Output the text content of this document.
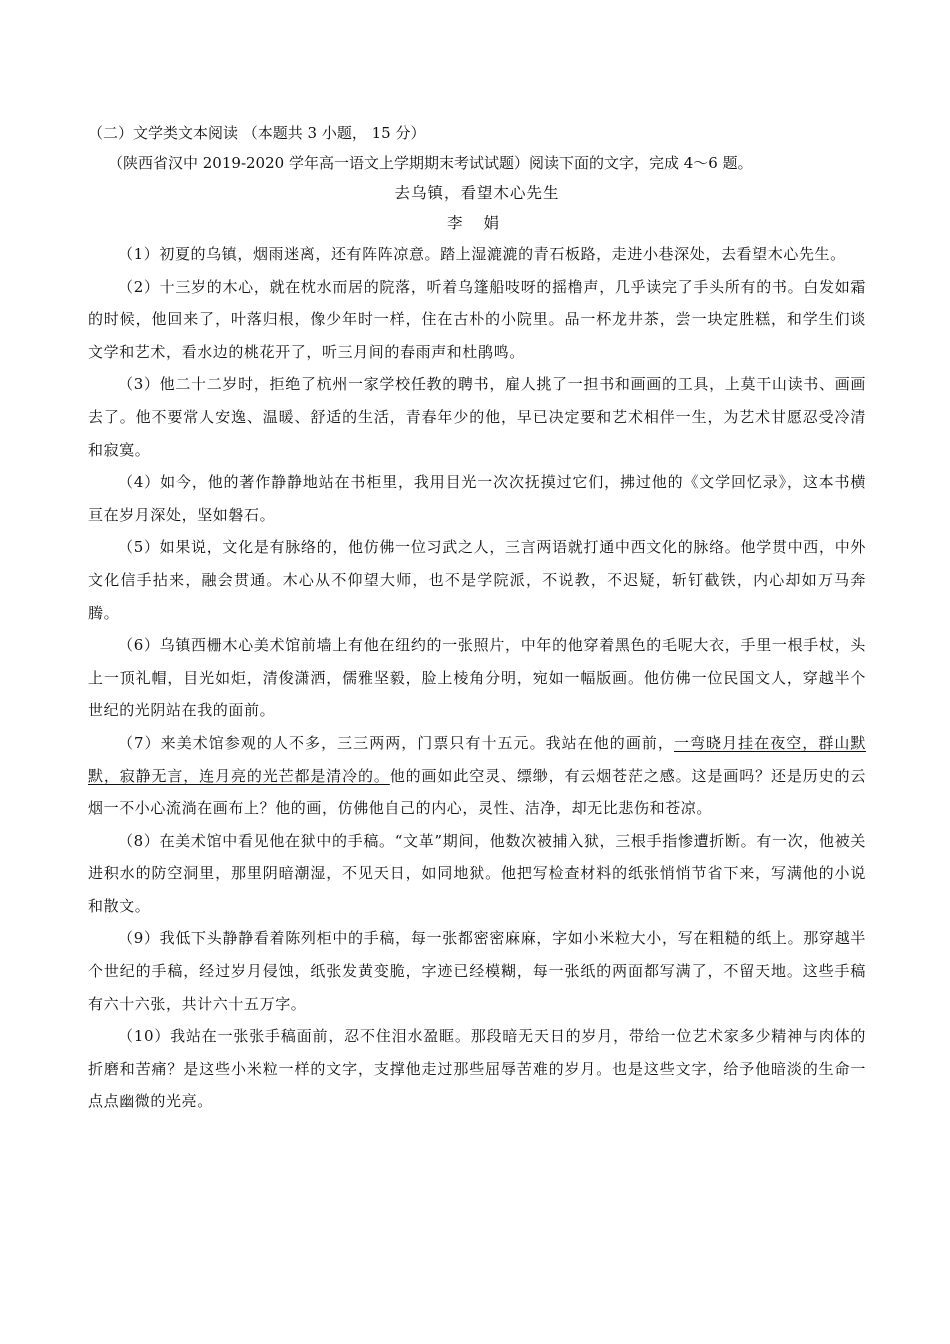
（二）文学类文本阅读 （本题共 3 小题， 15 分）

（陕西省汉中 2019-2020 学年高一语文上学期期末考试试题）阅读下面的文字，完成 4～6 题。

去乌镇，看望木心先生

李 娟

（1）初夏的乌镇，烟雨迷离，还有阵阵凉意。踏上湿漉漉的青石板路，走进小巷深处，去看望木心先生。

（2）十三岁的木心，就在枕水而居的院落，听着乌篷船吱呀的摇橹声，几乎读完了手头所有的书。白发如霜的时候，他回来了，叶落归根，像少年时一样，住在古朴的小院里。品一杯龙井茶，尝一块定胜糕，和学生们谈文学和艺术，看水边的桃花开了，听三月间的春雨声和杜鹃鸣。

（3）他二十二岁时，拒绝了杭州一家学校任教的聘书，雇人挑了一担书和画画的工具，上莫干山读书、画画去了。他不要常人安逸、温暖、舒适的生活，青春年少的他，早已决定要和艺术相伴一生，为艺术甘愿忍受冷清和寂寞。

（4）如今，他的著作静静地站在书柜里，我用目光一次次抚摸过它们，拂过他的《文学回忆录》，这本书横亘在岁月深处，坚如磐石。

（5）如果说，文化是有脉络的，他仿佛一位习武之人，三言两语就打通中西文化的脉络。他学贯中西，中外文化信手拈来，融会贯通。木心从不仰望大师，也不是学院派，不说教，不迟疑，斩钉截铁，内心却如万马奔腾。

（6）乌镇西栅木心美术馆前墙上有他在纽约的一张照片，中年的他穿着黑色的毛呢大衣，手里一根手杖，头上一顶礼帽，目光如炬，清俊潇洒，儒雅坚毅，脸上棱角分明，宛如一幅版画。他仿佛一位民国文人，穿越半个世纪的光阴站在我的面前。

（7）来美术馆参观的人不多，三三两两，门票只有十五元。我站在他的画前，一弯晓月挂在夜空，群山默默，寂静无言，连月亮的光芒都是清冷的。他的画如此空灵、缥缈，有云烟苍茫之感。这是画吗？还是历史的云烟一不小心流淌在画布上？他的画，仿佛他自己的内心，灵性、洁净，却无比悲伤和苍凉。

（8）在美术馆中看见他在狱中的手稿。“文革”期间，他数次被捕入狱，三根手指惨遭折断。有一次，他被关进积水的防空洞里，那里阴暗潮湿，不见天日，如同地狱。他把写检查材料的纸张悄悄节省下来，写满他的小说和散文。

（9）我低下头静静看着陈列柜中的手稿，每一张都密密麻麻，字如小米粒大小，写在粗糙的纸上。那穿越半个世纪的手稿，经过岁月侵蚀，纸张发黄变脆，字迹已经模糊，每一张纸的两面都写满了，不留天地。这些手稿有六十六张，共计六十五万字。

（10）我站在一张张手稿面前，忍不住泪水盈眶。那段暗无天日的岁月，带给一位艺术家多少精神与肉体的折磨和苦痛？是这些小米粒一样的文字，支撑他走过那些屈辱苦难的岁月。也是这些文字，给予他暗淡的生命一点点幽微的光亮。
